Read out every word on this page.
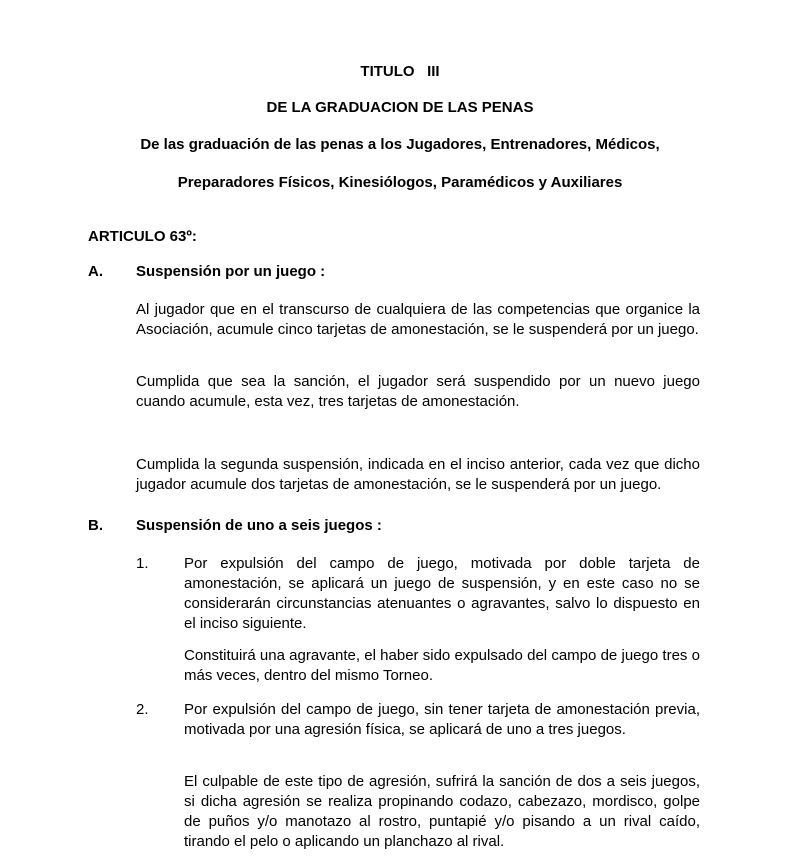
TITULO   III

DE LA GRADUACION DE LAS PENAS

De las graduación de las penas a los Jugadores, Entrenadores, Médicos,

Preparadores Físicos, Kinesiólogos, Paramédicos y Auxiliares

ARTICULO 63º:
A. Suspensión por un juego :

Al jugador que en el transcurso de cualquiera de las competencias que organice la Asociación, acumule cinco tarjetas de amonestación, se le suspenderá por un juego.

Cumplida que sea la sanción, el jugador será suspendido por un nuevo juego cuando acumule, esta vez, tres tarjetas de amonestación.

Cumplida la segunda suspensión, indicada en el inciso anterior, cada vez que dicho jugador acumule dos tarjetas de amonestación, se le suspenderá por un juego.

B. Suspensión de uno a seis juegos :
1. Por expulsión del campo de juego, motivada por doble tarjeta de amonestación, se aplicará un juego de suspensión, y en este caso no se considerarán circunstancias atenuantes o agravantes, salvo lo dispuesto en el inciso siguiente.

Constituirá una agravante, el haber sido expulsado del campo de juego tres o más veces, dentro del mismo Torneo.

2. Por expulsión del campo de juego, sin tener tarjeta de amonestación previa, motivada por una agresión física, se aplicará de uno a tres juegos.

El culpable de este tipo de agresión, sufrirá la sanción de dos a seis juegos, si dicha agresión se realiza propinando codazo, cabezazo, mordisco, golpe de puños y/o manotazo al rostro, puntapié y/o pisando a un rival caído, tirando el pelo o aplicando un planchazo al rival.
